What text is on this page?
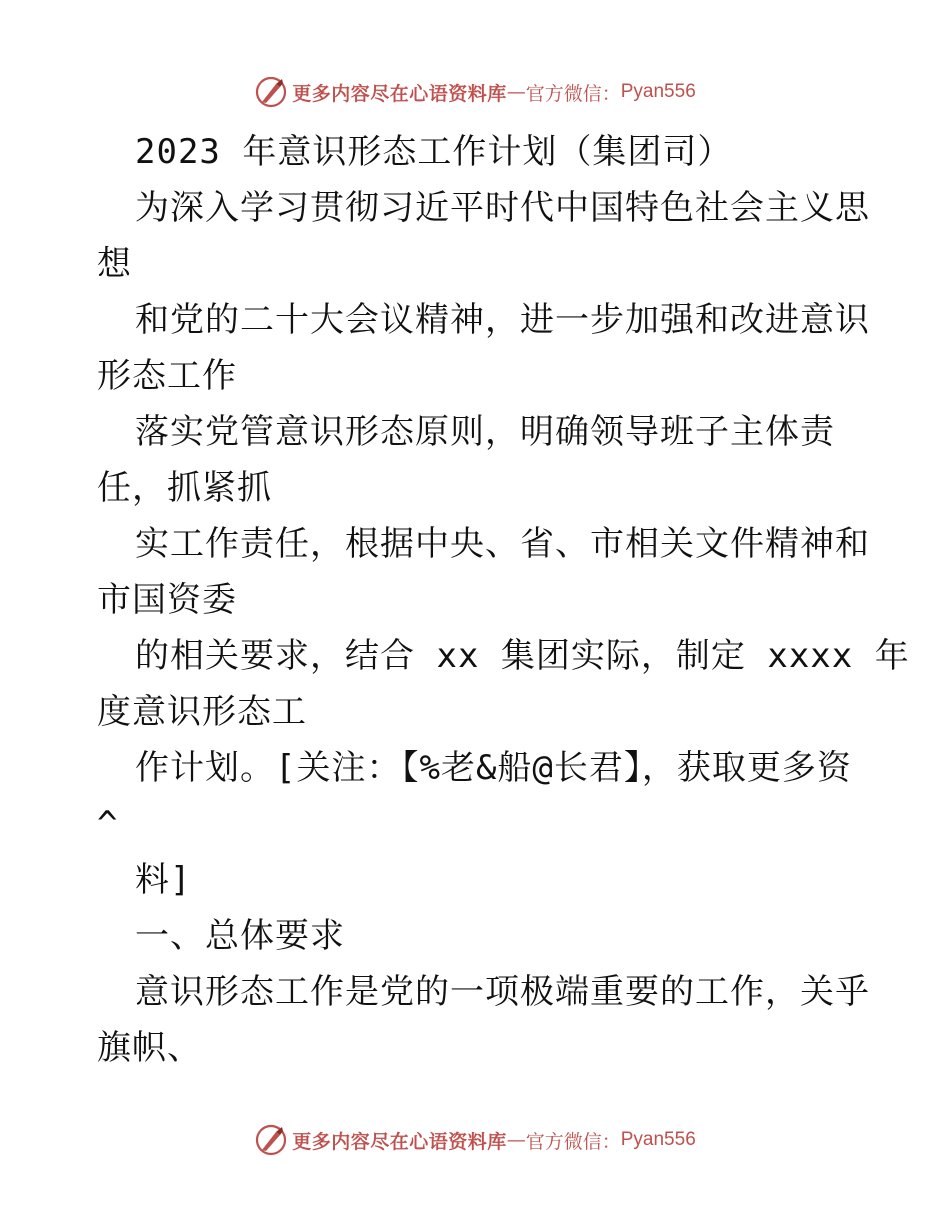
更多内容尽在心语资料库 — 官方微信： Pyan556
2023 年意识形态工作计划（集团司）
为深入学习贯彻习近平时代中国特色社会主义思
想
和党的二十大会议精神，进一步加强和改进意识
形态工作
落实党管意识形态原则，明确领导班子主体责
任，抓紧抓
实工作责任，根据中央、省、市相关文件精神和
市国资委
的相关要求，结合 xx 集团实际，制定 xxxx 年
度意识形态工
作计划。[关注：【%老&船@长君】，获取更多资
^
料]
一、总体要求
意识形态工作是党的一项极端重要的工作，关乎
旗帜、
更多内容尽在心语资料库 — 官方微信： Pyan556
